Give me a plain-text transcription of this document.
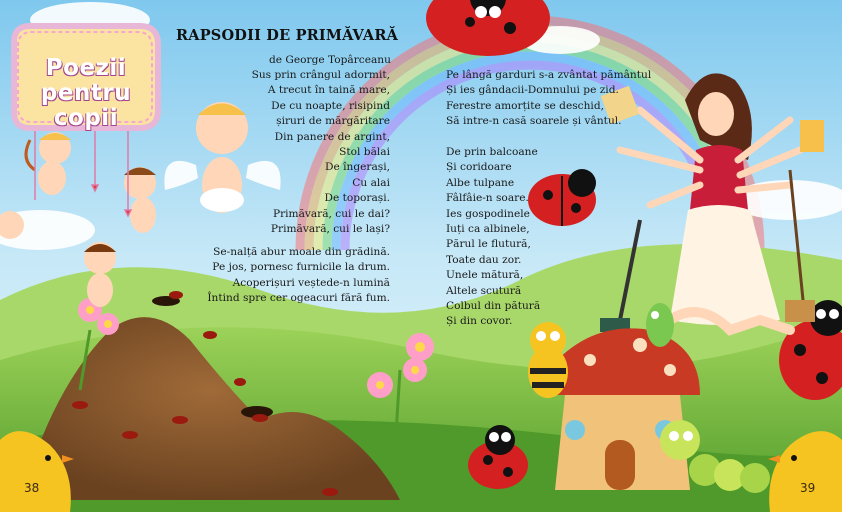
Poezii
pentru copii
RAPSODII DE PRIMĂVARĂ
de George Topârceanu
Sus prin crângul adormit,
A trecut în taină mare,
De cu noapte, risipind
șiruri de mărgăritare
Din panere de argint,
Stol bălai
De îngerași,
Cu alai
De toporași.
Primăvară, cui le dai?
Primăvară, cui le lași?
Se-nalță abur moale din grădină.
Pe jos, pornesc furnicile la drum.
Acoperișuri veștede-n lumină
Întind spre cer ogeacuri fără fum.
Pe lângă garduri s-a zvântat pământul
Și ies gândacii-Domnului pe zid.
Ferestre amorțite se deschid,
Să intre-n casă soarele și vântul.
De prin balcoane
Și coridoare
Albe tulpane
Fâlfâie-n soare.
Ies gospodinele
Iuți ca albinele,
Părul le flutură,
Toate dau zor.
Unele mătură,
Altele scutură
Colbul din pătură
Și din covor.
38	39
